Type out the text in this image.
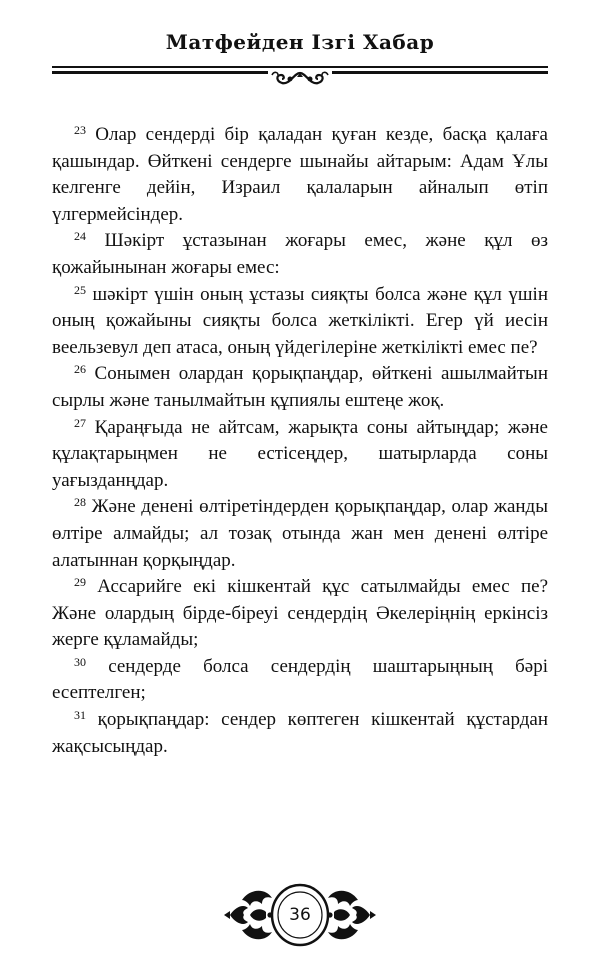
Матфейден Ізгі Хабар

$^{23}$ Олар сендерді бір қаладан қуған кезде, басқа қалаға қашындар. Өйткені сендерге шынайы айтарым: Адам Ұлы келгенге дейін, Израил қалаларын айналып өтіп үлгермейсіндер.

$^{24}$ Шәкірт ұстазынан жоғары емес, және құл өз қожайынынан жоғары емес:

$^{25}$ шәкірт үшін оның ұстазы сияқты болса және құл үшін оның қожайыны сияқты болса жеткілікті. Егер үй иесін веельзевул деп атаса, оның үйдегілеріне жеткілікті емес пе?

$^{26}$ Сонымен олардан қорықпаңдар, өйткені ашылмайтын сырлы және танылмайтын құпиялы ештеңе жоқ.

$^{27}$ Қараңғыда не айтсам, жарықта соны айтыңдар; және құлақтарыңмен не естісеңдер, шатырларда соны уағызданңдар.

$^{28}$ Және денені өлтіретіндерден қорықпаңдар, олар жанды өлтіре алмайды; ал тозақ отында жан мен денені өлтіре алатыннан қорқыңдар.

$^{29}$ Ассарийге екі кішкентай құс сатылмайды емес пе? Және олардың бірде-біреуі сендердің Әкелеріңнің еркінсіз жерге құламайды;

$^{30}$ сендерде болса сендердің шаштарыңның бәрі есептелген;

$^{31}$ қорықпаңдар: сендер көптеген кішкентай құстардан жақсысыңдар.

36
